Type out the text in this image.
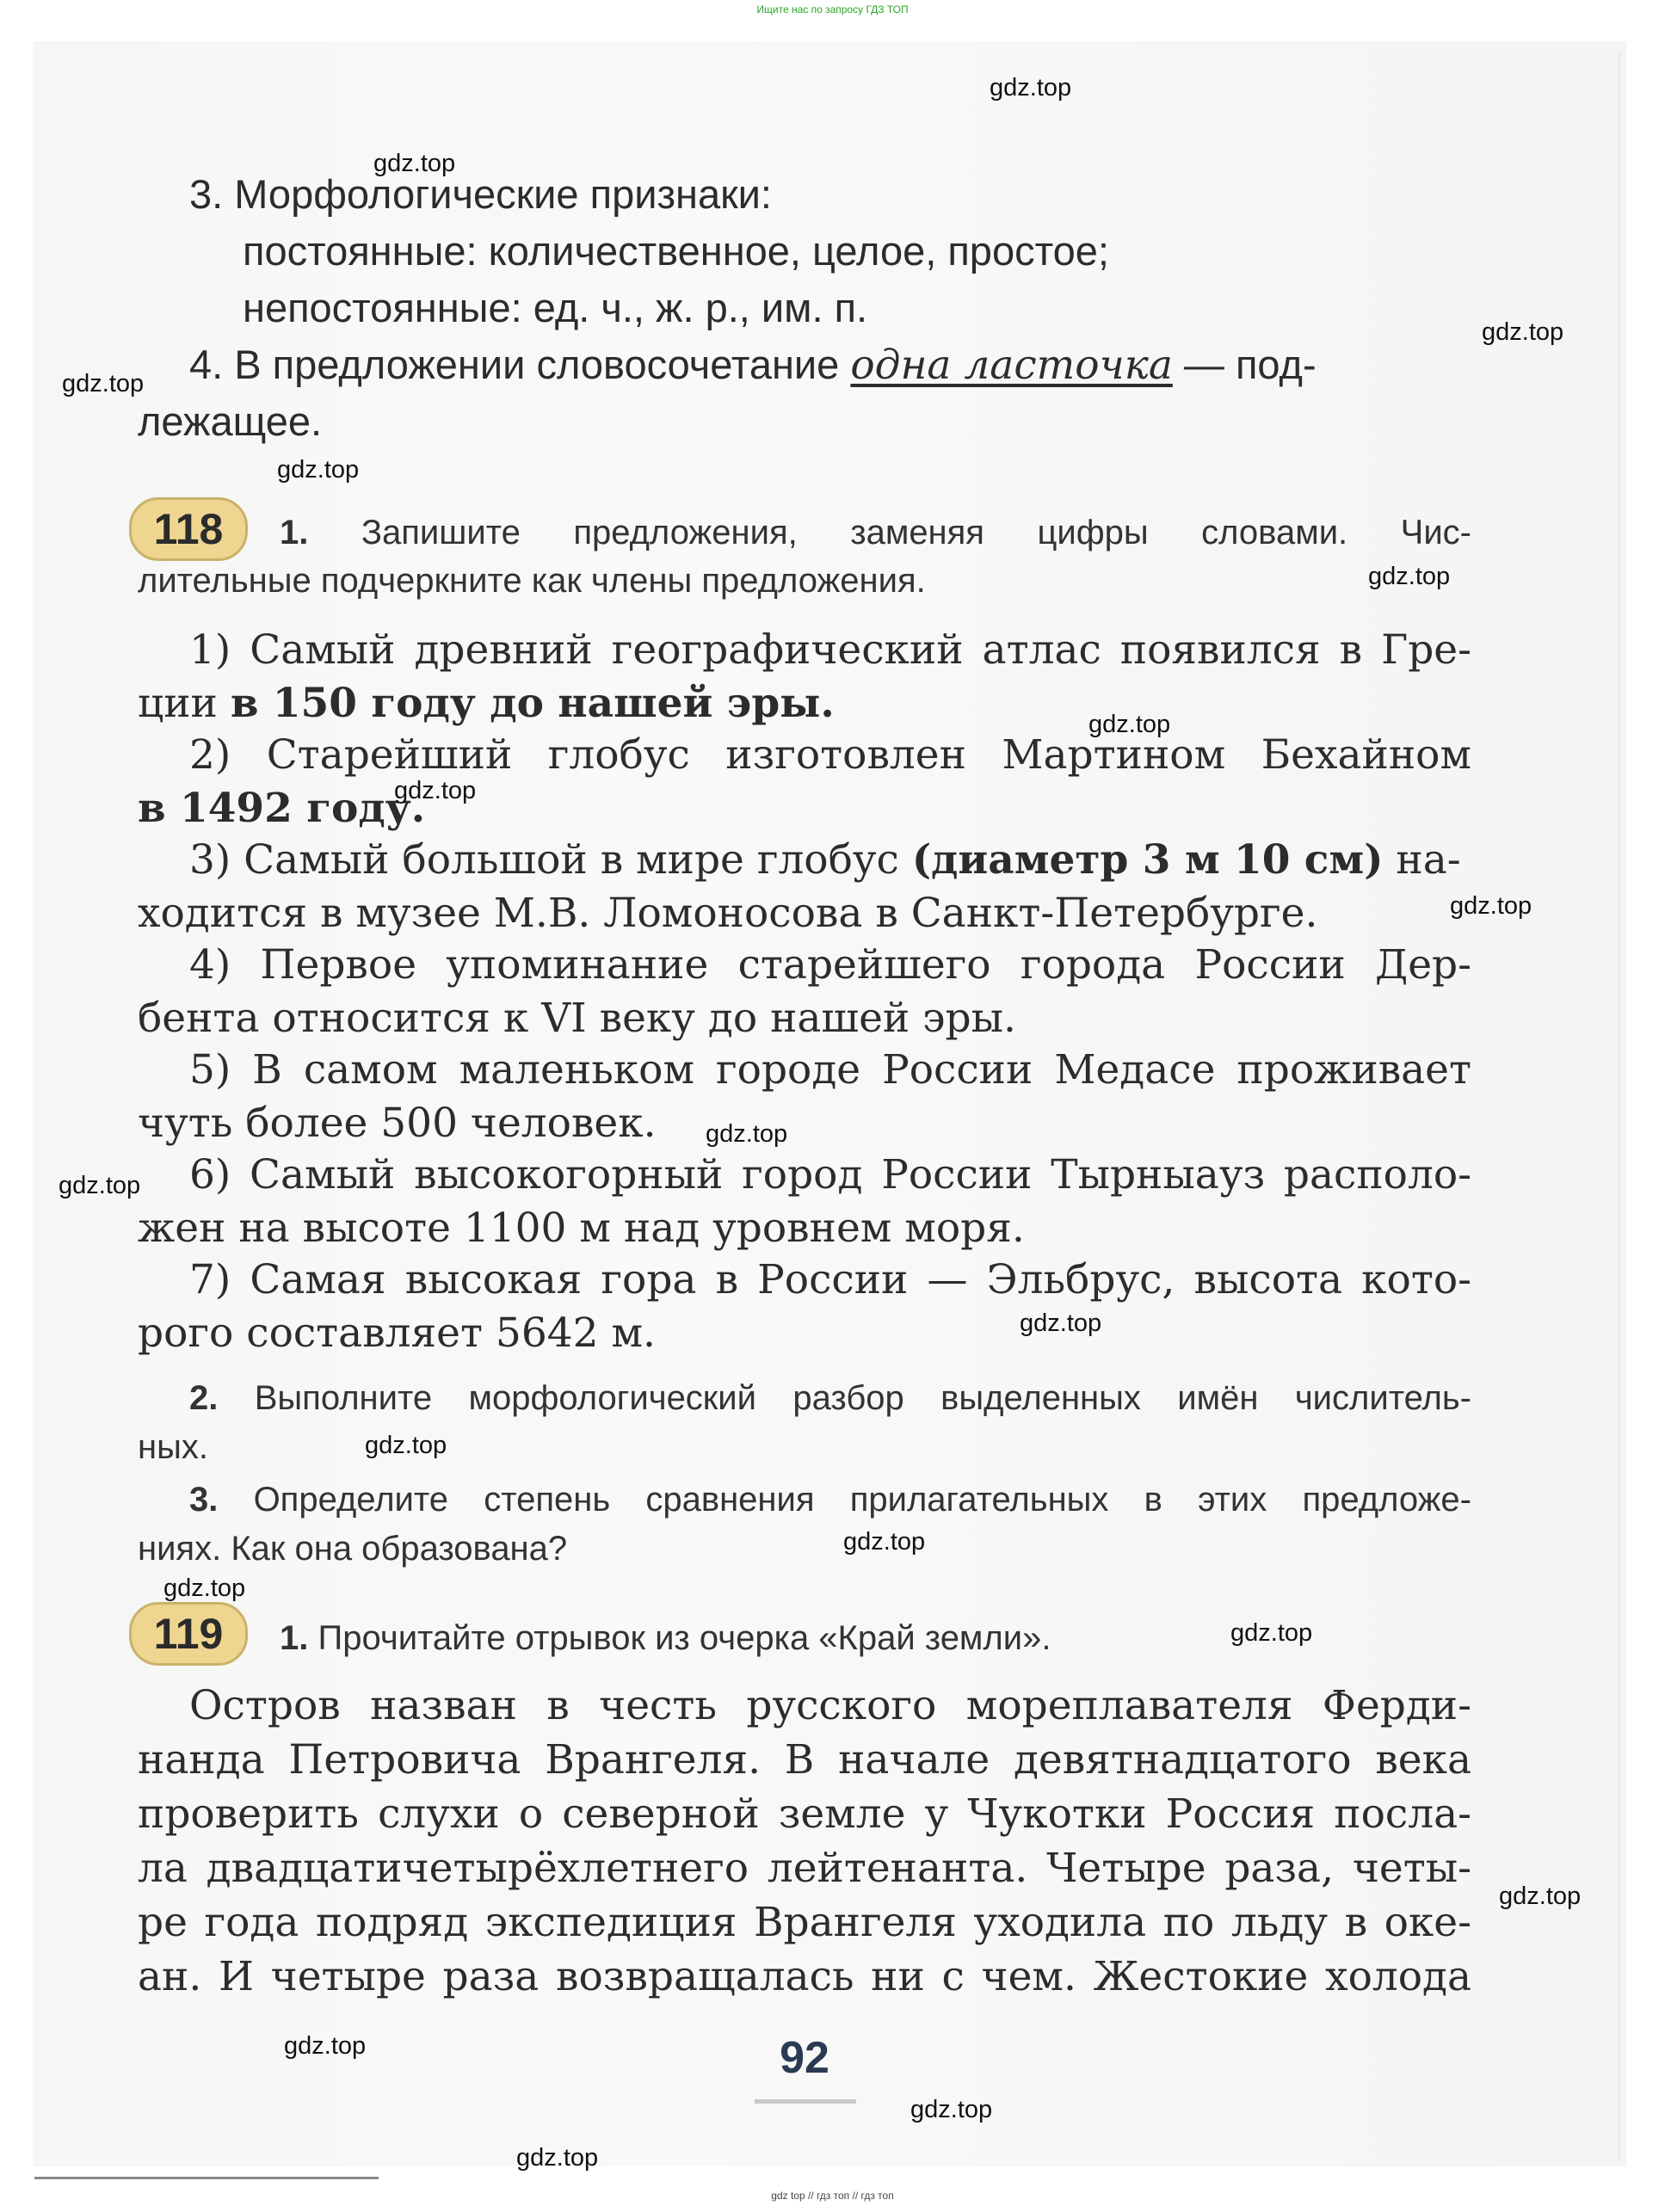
Ищите нас по запросу ГДЗ ТОП
3. Морфологические признаки:
постоянные: количественное, целое, простое;
непостоянные: ед. ч., ж. р., им. п.
4. В предложении словосочетание одна ласточка — под-
лежащее.
118	1. Запишите предложения, заменяя цифры словами. Чис-
лительные подчеркните как члены предложения.
1) Самый древний географический атлас появился в Гре-
ции в 150 году до нашей эры.
2) Старейший глобус изготовлен Мартином Бехайном
в 1492 году.
3) Самый большой в мире глобус (диаметр 3 м 10 см) на-
ходится в музее М.В. Ломоносова в Санкт-Петербурге.
4) Первое упоминание старейшего города России Дер-
бента относится к VI веку до нашей эры.
5) В самом маленьком городе России Медасе проживает
чуть более 500 человек.
6) Самый высокогорный город России Тырныауз располо-
жен на высоте 1100 м над уровнем моря.
7) Самая высокая гора в России — Эльбрус, высота кото-
рого составляет 5642 м.
2. Выполните морфологический разбор выделенных имён числитель-
ных.
3. Определите степень сравнения прилагательных в этих предложе-
ниях. Как она образована?
119	1. Прочитайте отрывок из очерка «Край земли».
Остров назван в честь русского мореплавателя Ферди-
нанда Петровича Врангеля. В начале девятнадцатого века
проверить слухи о северной земле у Чукотки Россия посла-
ла двадцатичетырёхлетнего лейтенанта. Четыре раза, четы-
ре года подряд экспедиция Врангеля уходила по льду в оке-
ан. И четыре раза возвращалась ни с чем. Жестокие холода
92
gdz.top
gdz.top
gdz.top
gdz.top
gdz.top
gdz.top
gdz.top
gdz.top
gdz.top
gdz.top
gdz.top
gdz.top
gdz.top
gdz.top
gdz.top
gdz.top
gdz.top
gdz.top
gdz.top
gdz.top
gdz top // гдз топ // гдз топ
